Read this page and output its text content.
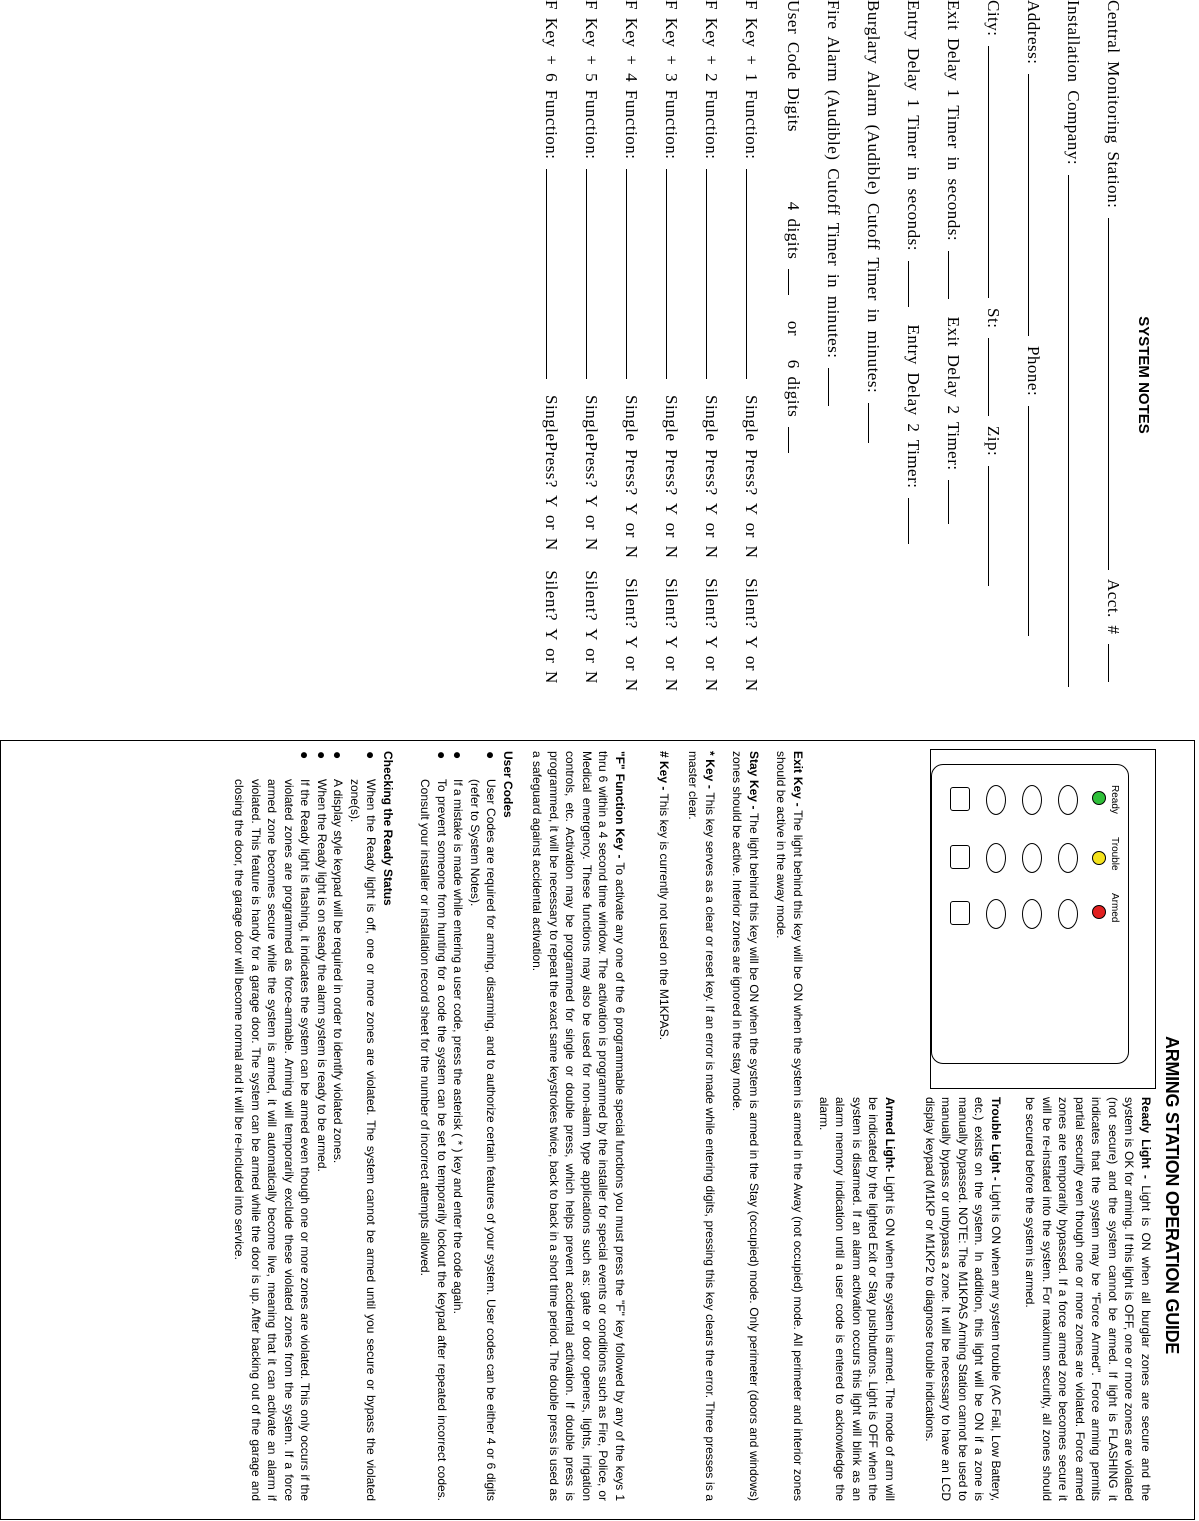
SYSTEM NOTES
Central Monitoring Station:  Acct. #
Installation Company:
Address:  Phone:
City:  St:  Zip:
Exit Delay 1 Timer in seconds:  Exit Delay 2 Timer:
Entry Delay 1 Timer in seconds:  Entry Delay 2 Timer:
Burglary Alarm (Audible) Cutoff Timer in minutes:
Fire Alarm (Audible) Cutoff Timer in minutes:
User Code Digits 4 digits  or 6 digits
F Key + 1 Function:  Single Press? Y or N Silent? Y or N
F Key + 2 Function:  Single Press? Y or N Silent? Y or N
F Key + 3 Function:  Single Press? Y or N Silent? Y or N
F Key + 4 Function:  Single Press? Y or N Silent? Y or N
F Key + 5 Function:  SinglePress? Y or N Silent? Y or N
F Key + 6 Function:  SinglePress? Y or N Silent? Y or N
ARMING STATION OPERATION GUIDE
Ready
Trouble
Armed
Ready Light - Light is ON when all burglar zones are secure and the system is OK for arming. If this light is OFF, one or more zones are violated (not secure) and the system cannot be armed. If light is FLASHING it indicates that the system may be "Force Armed". Force arming permits partial security even though one or more zones are violated. Force armed zones are temporarily bypassed. If a force armed zone becomes secure it will be re-instated into the system. For maximum security, all zones should be secured before the system is armed.
Trouble Light - Light is ON when any system trouble (AC Fail, Low Battery, etc.) exists on the system. In addition, this light will be ON if a zone is manually bypassed. NOTE: The M1KPAS Arming Station cannot be used to manually bypass or unbypass a zone. It will be necessary to have an LCD display keypad (M1KP or M1KP2 to diagnose trouble indications.
Armed Light- Light is ON when the system is armed. The mode of arm will be indicated by the lighted Exit or Stay pushbuttons. Light is OFF when the system is disarmed. If an alarm activation occurs this light will blink as an alarm memory indication until a user code is entered to acknowledge the alarm.
Exit Key - The light behind this key will be ON when the system is armed in the Away (not occupied) mode. All perimeter and interior zones should be active in the away mode.
Stay Key - The light behind this key will be ON when the system is armed in the Stay (occupied) mode. Only perimeter (doors and windows) zones should be active. Interior zones are ignored in the stay mode.
* Key - This key serves as a clear or reset key. If an error is made while entering digits, pressing this key clears the error. Three presses is a master clear.
# Key - This key is currently not used on the M1KPAS.
"F" Function Key - To activate any one of the 6 programmable special functions you must press the "F" key followed by any of the keys 1 thru 6 within a 4 second time window. The activation is programmed by the installer for special events or conditions such as Fire, Police, or Medical emergency. These functions may also be used for non-alarm type applications such as: gate or door openers, lights, irrigation controls, etc. Activation may be programmed for single or double press, which helps prevent accidental activation. If double press is programmed, it will be necessary to repeat the exact same keystrokes twice, back to back in a short time period. The double press is used as a safeguard against accidental activation.
User Codes
● User Codes are required for arming, disarming, and to authorize certain features of your system. User codes can be either 4 or 6 digits (refer to System Notes).
● If a mistake is made while entering a user code, press the asterisk ( * ) key and enter the code again.
● To prevent someone from hunting for a code the system can be set to temporarily lockout the keypad after repeated incorrect codes. Consult your installer or installation record sheet for the number of incorrect attempts allowed.
Checking the Ready Status
● When the Ready light is off, one or more zones are violated. The system cannot be armed until you secure or bypass the violated zone(s).
● A display style keypad will be required in order to identify violated zones.
● When the Ready light is on steady the alarm system is ready to be armed.
● If the Ready light is flashing, it indicates the system can be armed even though one or more zones are violated. This only occurs if the violated zones are programmed as force-armable. Arming will temporarily exclude these violated zones from the system. If a force armed zone becomes secure while the system is armed, it will automatically become live, meaning that it can activate an alarm if violated. This feature is handy for a garage door. The system can be armed while the door is up. After backing out of the garage and closing the door, the garage door will become normal and it will be re-included into service.
